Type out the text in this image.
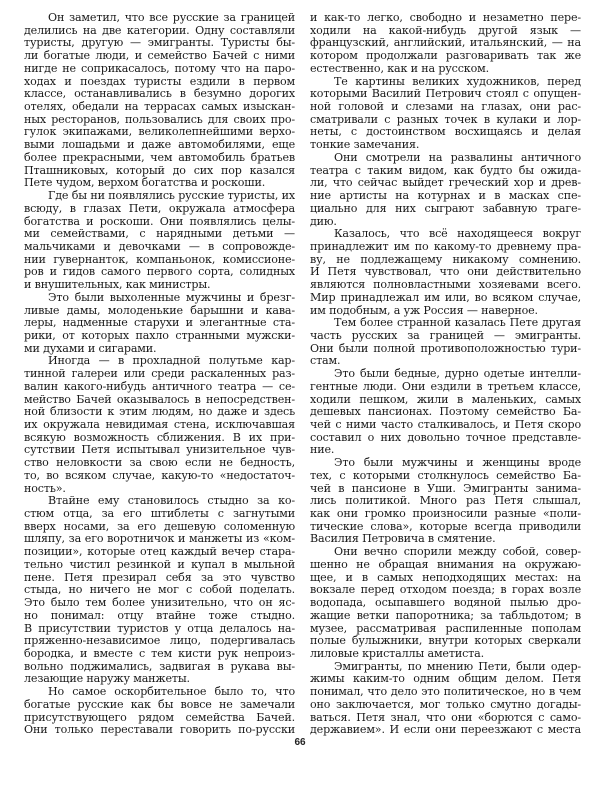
Он заметил, что все русские за границей
делились на две категории. Одну составляли
туристы, другую — эмигранты. Туристы бы-
ли богатые люди, и семейство Бачей с ними
нигде не соприкасалось, потому что на паро-
ходах и поездах туристы ездили в первом
классе, останавливались в безумно дорогих
отелях, обедали на террасах самых изыскан-
ных ресторанов, пользовались для своих про-
гулок экипажами, великолепнейшими верхо-
выми лошадьми и даже автомобилями, еще
более прекрасными, чем автомобиль братьев
Пташниковых, который до сих пор казался
Пете чудом, верхом богатства и роскоши.
Где бы ни появлялись русские туристы, их
всюду, в глазах Пети, окружала атмосфера
богатства и роскоши. Они появлялись целы-
ми семействами, с нарядными детьми —
мальчиками и девочками — в сопровожде-
нии гувернанток, компаньонок, комиссионе-
ров и гидов самого первого сорта, солидных
и внушительных, как министры.
Это были выхоленные мужчины и брезг-
ливые дамы, молоденькие барышни и кава-
леры, надменные старухи и элегантные ста-
рики, от которых пахло странными мужски-
ми духами и сигарами.
Иногда — в прохладной полутьме кар-
тинной галереи или среди раскаленных раз-
валин какого-нибудь античного театра — се-
мейство Бачей оказывалось в непосредствен-
ной близости к этим людям, но даже и здесь
их окружала невидимая стена, исключавшая
всякую возможность сближения. В их при-
сутствии Петя испытывал унизительное чув-
ство неловкости за свою если не бедность,
то, во всяком случае, какую-то «недостаточ-
ность».
Втайне ему становилось стыдно за ко-
стюм отца, за его штиблеты с загнутыми
вверх носами, за его дешевую соломенную
шляпу, за его воротничок и манжеты из «ком-
позиции», которые отец каждый вечер стара-
тельно чистил резинкой и купал в мыльной
пене. Петя презирал себя за это чувство
стыда, но ничего не мог с собой поделать.
Это было тем более унизительно, что он яс-
но понимал: отцу втайне тоже стыдно.
В присутствии туристов у отца делалось на-
пряженно-независимое лицо, подергивалась
бородка, и вместе с тем кисти рук непроиз-
вольно поджимались, задвигая в рукава вы-
лезающие наружу манжеты.
Но самое оскорбительное было то, что
богатые русские как бы вовсе не замечали
присутствующего рядом семейства Бачей.
Они только переставали говорить по-русски
и как-то легко, свободно и незаметно пере-
ходили на какой-нибудь другой язык —
французский, английский, итальянский, — на
котором продолжали разговаривать так же
естественно, как и на русском.
Те картины великих художников, перед
которыми Василий Петрович стоял с опущен-
ной головой и слезами на глазах, они рас-
сматривали с разных точек в кулаки и лор-
неты, с достоинством восхищаясь и делая
тонкие замечания.
Они смотрели на развалины античного
театра с таким видом, как будто бы ожида-
ли, что сейчас выйдет греческий хор и древ-
ние артисты на котурнах и в масках спе-
циально для них сыграют забавную траге-
дию.
Казалось, что всё находящееся вокруг
принадлежит им по какому-то древнему пра-
ву, не подлежащему никакому сомнению.
И Петя чувствовал, что они действительно
являются полновластными хозяевами всего.
Мир принадлежал им или, во всяком случае,
им подобным, а уж Россия — наверное.
Тем более странной казалась Пете другая
часть русских за границей — эмигранты.
Они были полной противоположностью тури-
стам.
Это были бедные, дурно одетые интелли-
гентные люди. Они ездили в третьем классе,
ходили пешком, жили в маленьких, самых
дешевых пансионах. Поэтому семейство Ба-
чей с ними часто сталкивалось, и Петя скоро
составил о них довольно точное представле-
ние.
Это были мужчины и женщины вроде
тех, с которыми столкнулось семейство Ба-
чей в пансионе в Уши. Эмигранты занима-
лись политикой. Много раз Петя слышал,
как они громко произносили разные «поли-
тические слова», которые всегда приводили
Василия Петровича в смятение.
Они вечно спорили между собой, совер-
шенно не обращая внимания на окружаю-
щее, и в самых неподходящих местах: на
вокзале перед отходом поезда; в горах возле
водопада, осыпавшего водяной пылью дро-
жащие ветки папоротника; за табльдотом; в
музее, рассматривая распиленные пополам
полые булыжники, внутри которых сверкали
лиловые кристаллы аметиста.
Эмигранты, по мнению Пети, были одер-
жимы каким-то одним общим делом. Петя
понимал, что дело это политическое, но в чем
оно заключается, мог только смутно догады-
ваться. Петя знал, что они «борются с само-
державием». И если они переезжают с места
66
